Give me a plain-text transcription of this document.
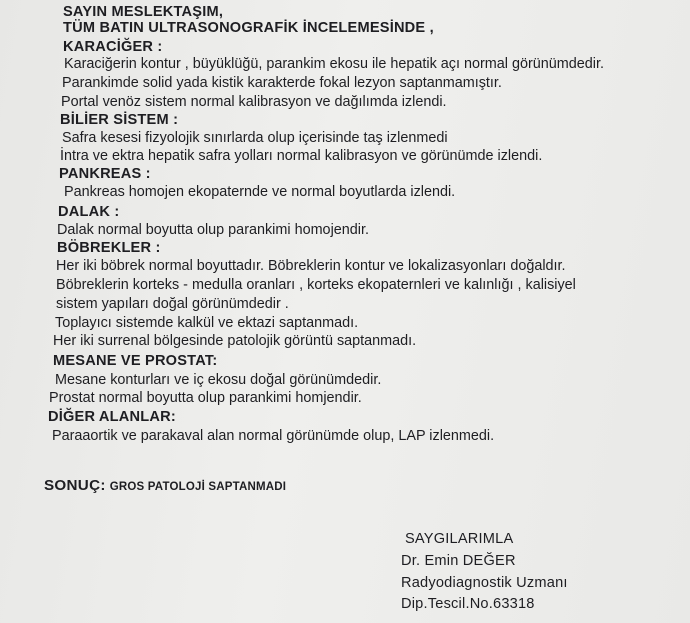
SAYIN MESLEKTAŞIM,
TÜM BATIN ULTRASONOGRAFİK İNCELEMESİNDE ,
KARACİĞER :
Karaciğerin kontur , büyüklüğü, parankim ekosu ile hepatik açı normal görünümdedir.
Parankimde solid yada kistik karakterde fokal lezyon saptanmamıştır.
Portal venöz sistem normal kalibrasyon ve dağılımda izlendi.
BİLİER SİSTEM :
Safra kesesi fizyolojik sınırlarda olup içerisinde taş izlenmedi
İntra ve ektra hepatik safra yolları normal kalibrasyon ve görünümde izlendi.
PANKREAS :
Pankreas homojen ekopaternde ve normal boyutlarda izlendi.
DALAK :
Dalak normal boyutta olup parankimi homojendir.
BÖBREKLER :
Her iki böbrek normal boyuttadır. Böbreklerin kontur ve lokalizasyonları doğaldır.
Böbreklerin korteks - medulla oranları , korteks ekopaternleri ve kalınlığı , kalisiyel
sistem yapıları doğal görünümdedir .
Toplayıcı sistemde kalkül ve ektazi saptanmadı.
Her iki surrenal bölgesinde patolojik görüntü saptanmadı.
MESANE VE PROSTAT:
Mesane konturları ve iç ekosu doğal görünümdedir.
Prostat normal boyutta olup parankimi homjendir.
DİĞER ALANLAR:
Paraaortik ve parakaval alan normal görünümde olup, LAP izlenmedi.
SONUÇ: GROS PATOLOJİ SAPTANMADI
SAYGILARIMLA
Dr. Emin DEĞER
Radyodiagnostik Uzmanı
Dip.Tescil.No.63318
